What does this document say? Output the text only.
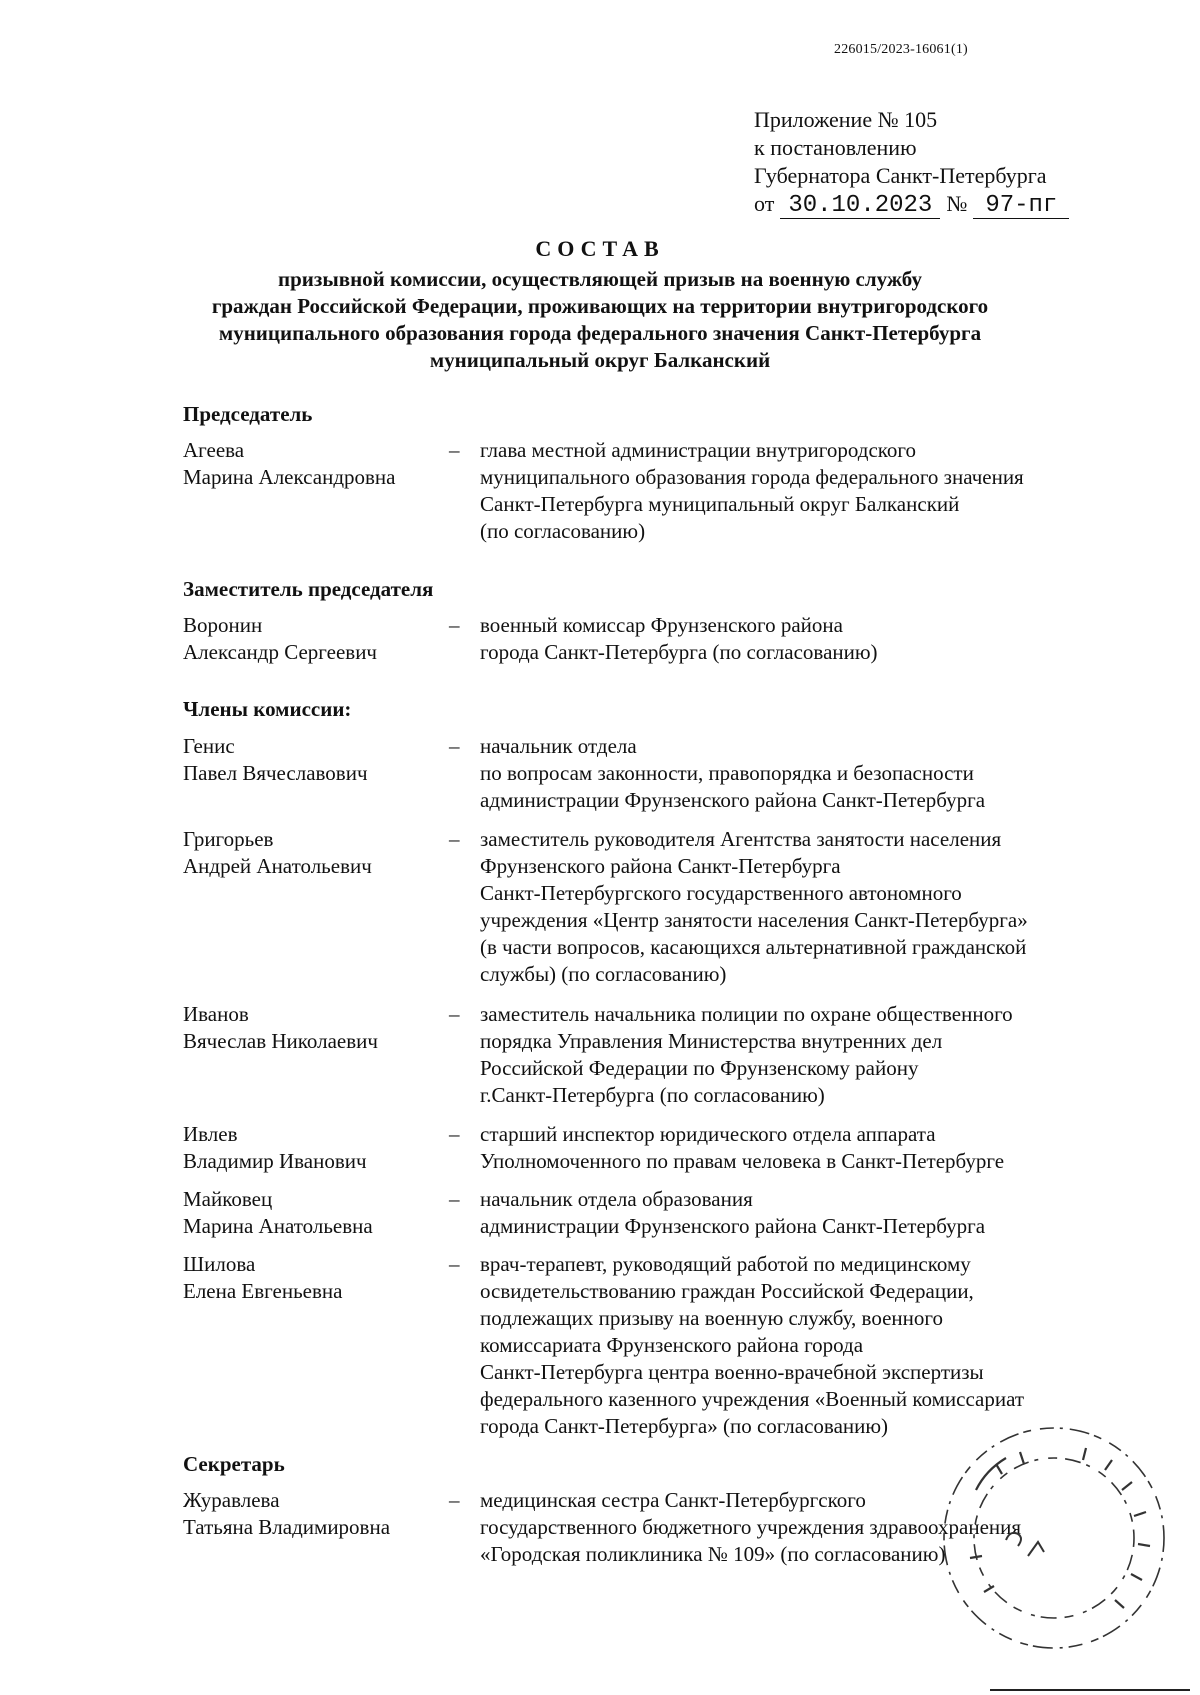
226015/2023-16061(1)
Приложение № 105
к постановлению
Губернатора Санкт-Петербурга
от 30.10.2023 № 97-пг
СОСТАВ
призывной комиссии, осуществляющей призыв на военную службу
граждан Российской Федерации, проживающих на территории внутригородского
муниципального образования города федерального значения Санкт-Петербурга
муниципальный округ Балканский
Председатель
Агеева
Марина Александровна
– глава местной администрации внутригородского
муниципального образования города федерального значения
Санкт-Петербурга муниципальный округ Балканский
(по согласованию)
Заместитель председателя
Воронин
Александр Сергеевич
– военный комиссар Фрунзенского района
города Санкт-Петербурга (по согласованию)
Члены комиссии:
Генис
Павел Вячеславович
– начальник отдела
по вопросам законности, правопорядка и безопасности
администрации Фрунзенского района Санкт-Петербурга
Григорьев
Андрей Анатольевич
– заместитель руководителя Агентства занятости населения
Фрунзенского района Санкт-Петербурга
Санкт-Петербургского государственного автономного
учреждения «Центр занятости населения Санкт-Петербурга»
(в части вопросов, касающихся альтернативной гражданской
службы) (по согласованию)
Иванов
Вячеслав Николаевич
– заместитель начальника полиции по охране общественного
порядка Управления Министерства внутренних дел
Российской Федерации по Фрунзенскому району
г.Санкт-Петербурга (по согласованию)
Ивлев
Владимир Иванович
– старший инспектор юридического отдела аппарата
Уполномоченного по правам человека в Санкт-Петербурге
Майковец
Марина Анатольевна
– начальник отдела образования
администрации Фрунзенского района Санкт-Петербурга
Шилова
Елена Евгеньевна
– врач-терапевт, руководящий работой по медицинскому
освидетельствованию граждан Российской Федерации,
подлежащих призыву на военную службу, военного
комиссариата Фрунзенского района города
Санкт-Петербурга центра военно-врачебной экспертизы
федерального казенного учреждения «Военный комиссариат
города Санкт-Петербурга» (по согласованию)
Секретарь
Журавлева
Татьяна Владимировна
– медицинская сестра Санкт-Петербургского
государственного бюджетного учреждения здравоохранения
«Городская поликлиника № 109» (по согласованию)
